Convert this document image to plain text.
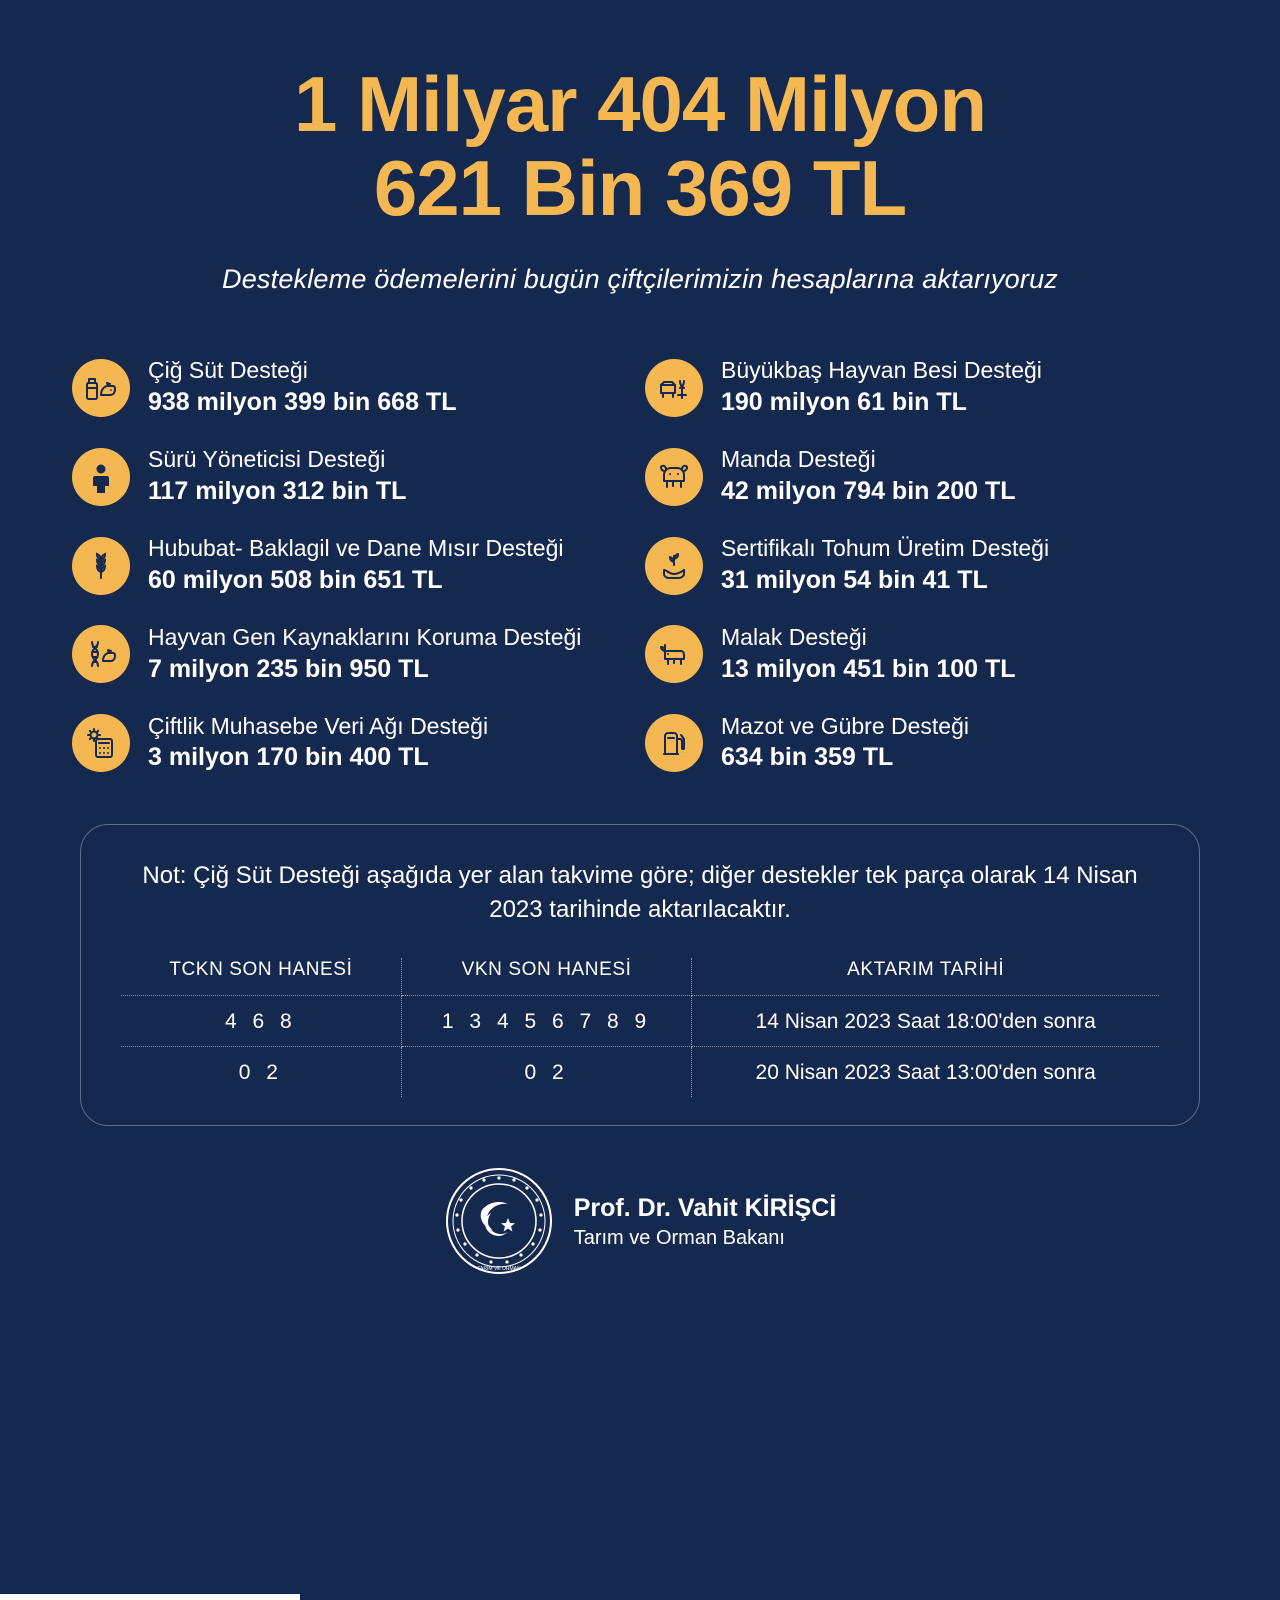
1 Milyar 404 Milyon
621 Bin 369 TL
Destekleme ödemelerini bugün çiftçilerimizin hesaplarına aktarıyoruz
Çiğ Süt Desteği
938 milyon 399 bin 668 TL
Büyükbaş Hayvan Besi Desteği
190 milyon 61 bin TL
Sürü Yöneticisi Desteği
117 milyon 312 bin TL
Manda Desteği
42 milyon 794 bin 200 TL
Hububat- Baklagil ve Dane Mısır Desteği
60 milyon 508 bin 651 TL
Sertifikalı Tohum Üretim Desteği
31 milyon 54 bin 41 TL
Hayvan Gen Kaynaklarını Koruma Desteği
7 milyon 235 bin 950 TL
Malak Desteği
13 milyon 451 bin 100 TL
Çiftlik Muhasebe Veri Ağı Desteği
3 milyon 170 bin 400 TL
Mazot ve Gübre Desteği
634 bin 359 TL
Not: Çiğ Süt Desteği aşağıda yer alan takvime göre; diğer destekler tek parça olarak 14 Nisan 2023 tarihinde aktarılacaktır.
TCKN SON HANESİ	VKN SON HANESİ	AKTARIM TARİHİ
4 6 8	1 3 4 5 6 7 8 9	14 Nisan 2023 Saat 18:00'den sonra
0 2	0 2	20 Nisan 2023 Saat 13:00'den sonra
TARIM VE ORMAN
Prof. Dr. Vahit KİRİŞCİ
Tarım ve Orman Bakanı
